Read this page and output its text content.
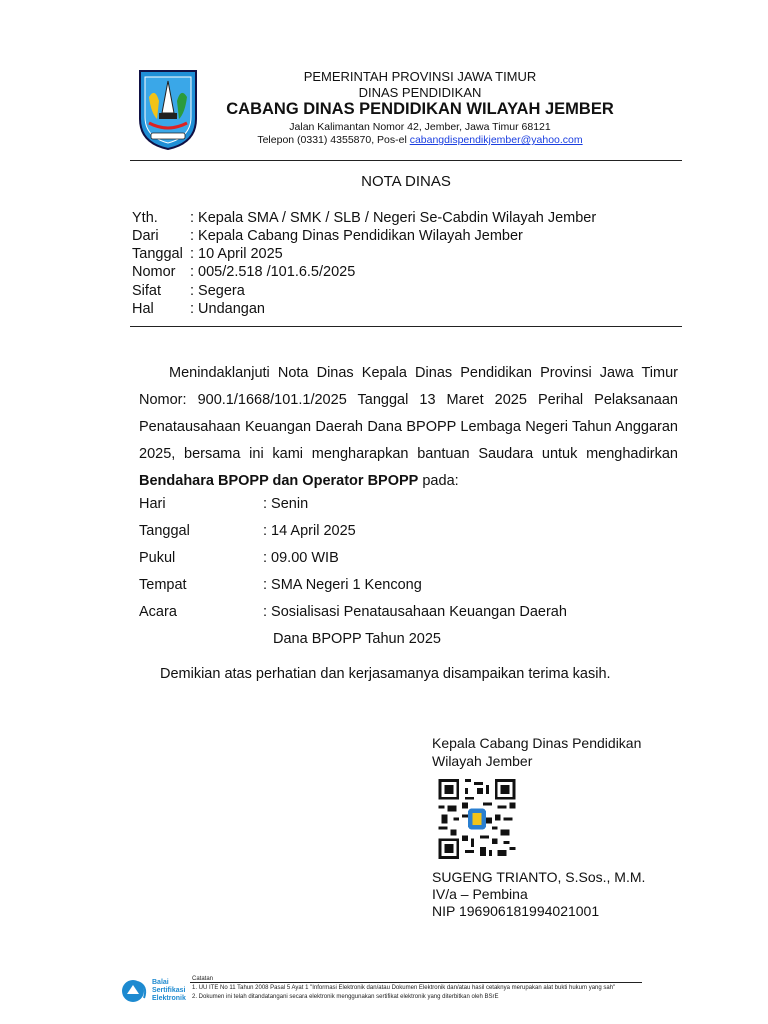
PEMERINTAH PROVINSI JAWA TIMUR
DINAS PENDIDIKAN
CABANG DINAS PENDIDIKAN WILAYAH JEMBER
Jalan Kalimantan Nomor 42, Jember, Jawa Timur 68121
Telepon (0331) 4355870, Pos-el cabangdispendikjember@yahoo.com
NOTA DINAS
Yth. : Kepala SMA / SMK / SLB / Negeri Se-Cabdin Wilayah Jember
Dari : Kepala Cabang Dinas Pendidikan Wilayah Jember
Tanggal : 10 April 2025
Nomor : 005/2.518 /101.6.5/2025
Sifat : Segera
Hal : Undangan

Menindaklanjuti Nota Dinas Kepala Dinas Pendidikan Provinsi Jawa Timur Nomor: 900.1/1668/101.1/2025 Tanggal 13 Maret 2025 Perihal Pelaksanaan Penatausahaan Keuangan Daerah Dana BPOPP Lembaga Negeri Tahun Anggaran 2025, bersama ini kami mengharapkan bantuan Saudara untuk menghadirkan Bendahara BPOPP dan Operator BPOPP pada:

Hari	: Senin
Tanggal	: 14 April 2025
Pukul	: 09.00 WIB
Tempat	: SMA Negeri 1 Kencong
Acara	: Sosialisasi Penatausahaan Keuangan Daerah
Dana BPOPP Tahun 2025
Demikian atas perhatian dan kerjasamanya disampaikan terima kasih.
Kepala Cabang Dinas Pendidikan
Wilayah Jember
SUGENG TRIANTO, S.Sos., M.M.
IV/a – Pembina
NIP 196906181994021001
Balai
Sertifikasi
Elektronik
Catatan
1. UU ITE No 11 Tahun 2008 Pasal 5 Ayat 1 "Informasi Elektronik dan/atau Dokumen Elektronik dan/atau hasil cetaknya merupakan alat bukti hukum yang sah"
2. Dokumen ini telah ditandatangani secara elektronik menggunakan sertifikat elektronik yang diterbitkan oleh BSrE
